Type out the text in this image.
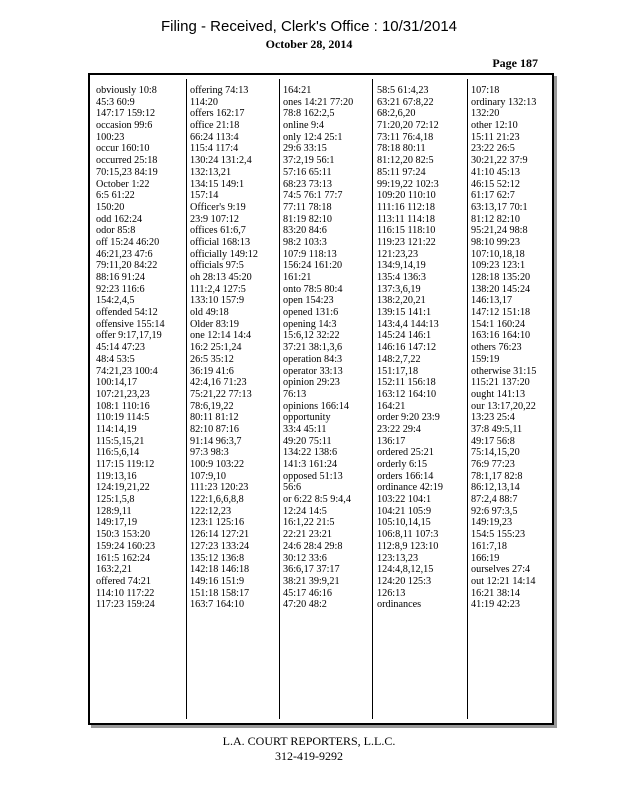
Filing - Received, Clerk's Office : 10/31/2014
October 28, 2014
Page 187
obviously 10:8
45:3 60:9
147:17 159:12
occasion 99:6
100:23
occur 160:10
occurred 25:18
70:15,23 84:19
October 1:22
6:5 61:22
150:20
odd 162:24
odor 85:8
off 15:24 46:20
46:21,23 47:6
79:11,20 84:22
88:16 91:24
92:23 116:6
154:2,4,5
offended 54:12
offensive 155:14
offer 9:17,17,19
45:14 47:23
48:4 53:5
74:21,23 100:4
100:14,17
107:21,23,23
108:1 110:16
110:19 114:5
114:14,19
115:5,15,21
116:5,6,14
117:15 119:12
119:13,16
124:19,21,22
125:1,5,8
128:9,11
149:17,19
150:3 153:20
159:24 160:23
161:5 162:24
163:2,21
offered 74:21
114:10 117:22
117:23 159:24
offering 74:13
114:20
offers 162:17
office 21:18
66:24 113:4
115:4 117:4
130:24 131:2,4
132:13,21
134:15 149:1
157:14
Officer's 9:19
23:9 107:12
offices 61:6,7
official 168:13
officially 149:12
officials 97:5
oh 28:13 45:20
111:2,4 127:5
133:10 157:9
old 49:18
Older 83:19
one 12:14 14:4
16:2 25:1,24
26:5 35:12
36:19 41:6
42:4,16 71:23
75:21,22 77:13
78:6,19,22
80:11 81:12
82:10 87:16
91:14 96:3,7
97:3 98:3
100:9 103:22
107:9,10
111:23 120:23
122:1,6,6,8,8
122:12,23
123:1 125:16
126:14 127:21
127:23 133:24
135:12 136:8
142:18 146:18
149:16 151:9
151:18 158:17
163:7 164:10
164:21
ones 14:21 77:20
78:8 162:2,5
online 9:4
only 12:4 25:1
29:6 33:15
37:2,19 56:1
57:16 65:11
68:23 73:13
74:5 76:1 77:7
77:11 78:18
81:19 82:10
83:20 84:6
98:2 103:3
107:9 118:13
156:24 161:20
161:21
onto 78:5 80:4
open 154:23
opened 131:6
opening 14:3
15:6,12 32:22
37:21 38:1,3,6
operation 84:3
operator 33:13
opinion 29:23
76:13
opinions 166:14
opportunity
33:4 45:11
49:20 75:11
134:22 138:6
141:3 161:24
opposed 51:13
56:6
or 6:22 8:5 9:4,4
12:24 14:5
16:1,22 21:5
22:21 23:21
24:6 28:4 29:8
30:12 33:6
36:6,17 37:17
38:21 39:9,21
45:17 46:16
47:20 48:2
58:5 61:4,23
63:21 67:8,22
68:2,6,20
71:20,20 72:12
73:11 76:4,18
78:18 80:11
81:12,20 82:5
85:11 97:24
99:19,22 102:3
109:20 110:10
111:16 112:18
113:11 114:18
116:15 118:10
119:23 121:22
121:23,23
134:9,14,19
135:4 136:3
137:3,6,19
138:2,20,21
139:15 141:1
143:4,4 144:13
145:24 146:1
146:16 147:12
148:2,7,22
151:17,18
152:11 156:18
163:12 164:10
164:21
order 9:20 23:9
23:22 29:4
136:17
ordered 25:21
orderly 6:15
orders 166:14
ordinance 42:19
103:22 104:1
104:21 105:9
105:10,14,15
106:8,11 107:3
112:8,9 123:10
123:13,23
124:4,8,12,15
124:20 125:3
126:13
ordinances
107:18
ordinary 132:13
132:20
other 12:10
15:11 21:23
23:22 26:5
30:21,22 37:9
41:10 45:13
46:15 52:12
61:17 62:7
63:13,17 70:1
81:12 82:10
95:21,24 98:8
98:10 99:23
107:10,18,18
109:23 123:1
128:18 135:20
138:20 145:24
146:13,17
147:12 151:18
154:1 160:24
163:16 164:10
others 76:23
159:19
otherwise 31:15
115:21 137:20
ought 141:13
our 13:17,20,22
13:23 25:4
37:8 49:5,11
49:17 56:8
75:14,15,20
76:9 77:23
78:1,17 82:8
86:12,13,14
87:2,4 88:7
92:6 97:3,5
149:19,23
154:5 155:23
161:7,18
166:19
ourselves 27:4
out 12:21 14:14
16:21 38:14
41:19 42:23
L.A. COURT REPORTERS, L.L.C.
312-419-9292
